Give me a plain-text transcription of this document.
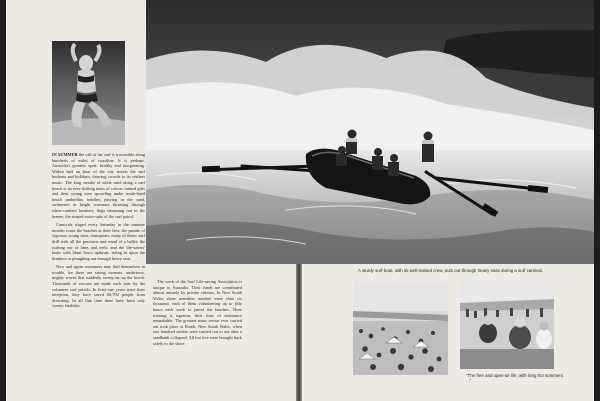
IN SUMMER the call of the surf is irresistible along hundreds of miles of coastline. It is perhaps, Australia's greatest sport, healthy and invigorating. Within half an hour of the city streets the surf beckons and holidays, drawing crowds to its restless music. The long swathe of white sand along a surf beach is an ever-shifting mass of colour: tanned girls and their young men sprawling under multi-hued beach umbrellas, toddlers playing in the sand, swimmers in bright costumes thrusting through white-combed breakers, flags streaming out in the breeze, the striped swim-suits of the surf patrol.

Carnivals staged every Saturday in the summer months rouse the beaches at their best: the parade of vigorous young men, champions, many of them; surf drill with all the precision and ritual of a ballet; the rushing out of lines and reels; and the life-savers' boats with blunt bows upthrust, riding in upon the breakers or ploughing out through heavy seas.

Now and again swimmers may find themselves in trouble, for there are strong currents, undertows, mighty waves that suddenly sweep far up the beach. Thousands of rescues are made each year by the volunteer surf patrols. In forty-one years since their inception, they have saved 66,702 people from drowning. In all that time there have been only twenty fatalities.

The work of the Surf Life-saving Association is unique to Australia. Their funds are contributed almost entirely by private citizens. In New South Wales alone members number more than six thousand, each of them volunteering up to fifty hours each week to patrol the beaches. Their training is rigorous, their feats of endurance remarkable. The greatest mass rescue ever carried out took place at Bondi, New South Wales, when two hundred surfers were carried out to sea after a sandbank collapsed. All but five were brought back safely to the shore.

A sturdy surf-boat, with its well-trained crew, puts out through heavy seas during a surf carnival.
"The free and open-air life, with long hot summers . . ."
